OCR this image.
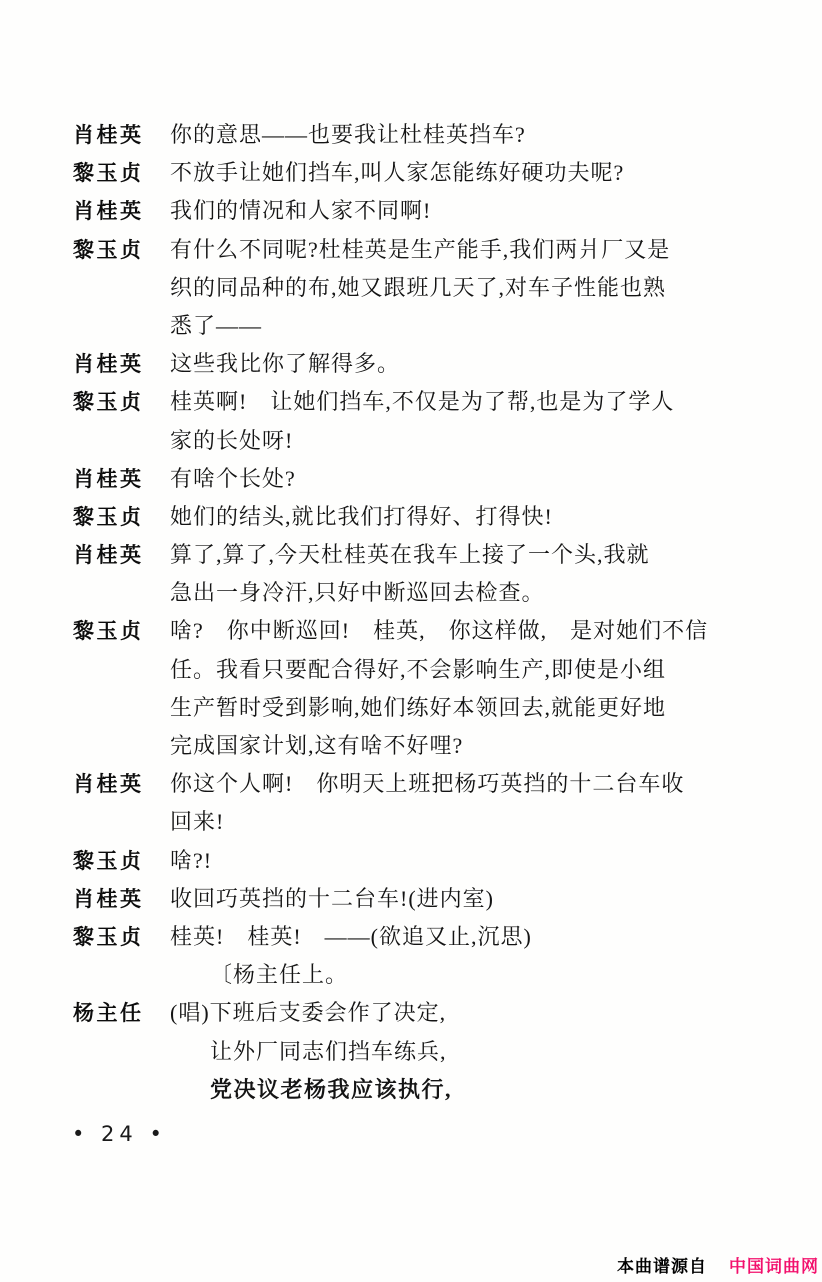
肖桂英	你的意思——也要我让杜桂英挡车?
黎玉贞	不放手让她们挡车,叫人家怎能练好硬功夫呢?
肖桂英	我们的情况和人家不同啊!
黎玉贞	有什么不同呢?杜桂英是生产能手,我们两爿厂又是
织的同品种的布,她又跟班几天了,对车子性能也熟
悉了——
肖桂英	这些我比你了解得多。
黎玉贞	桂英啊!　让她们挡车,不仅是为了帮,也是为了学人
家的长处呀!
肖桂英	有啥个长处?
黎玉贞	她们的结头,就比我们打得好、打得快!
肖桂英	算了,算了,今天杜桂英在我车上接了一个头,我就
急出一身冷汗,只好中断巡回去检查。
黎玉贞	啥?　你中断巡回!　桂英,　你这样做,　是对她们不信
任。我看只要配合得好,不会影响生产,即使是小组
生产暂时受到影响,她们练好本领回去,就能更好地
完成国家计划,这有啥不好哩?
肖桂英	你这个人啊!　你明天上班把杨巧英挡的十二台车收
回来!
黎玉贞	啥?!
肖桂英	收回巧英挡的十二台车!(进内室)
黎玉贞	桂英!　桂英!　——(欲追又止,沉思)
〔杨主任上。
杨主任	(唱)下班后支委会作了决定,
让外厂同志们挡车练兵,
党决议老杨我应该执行,
• 24 •
本曲谱源自 中国词曲网
